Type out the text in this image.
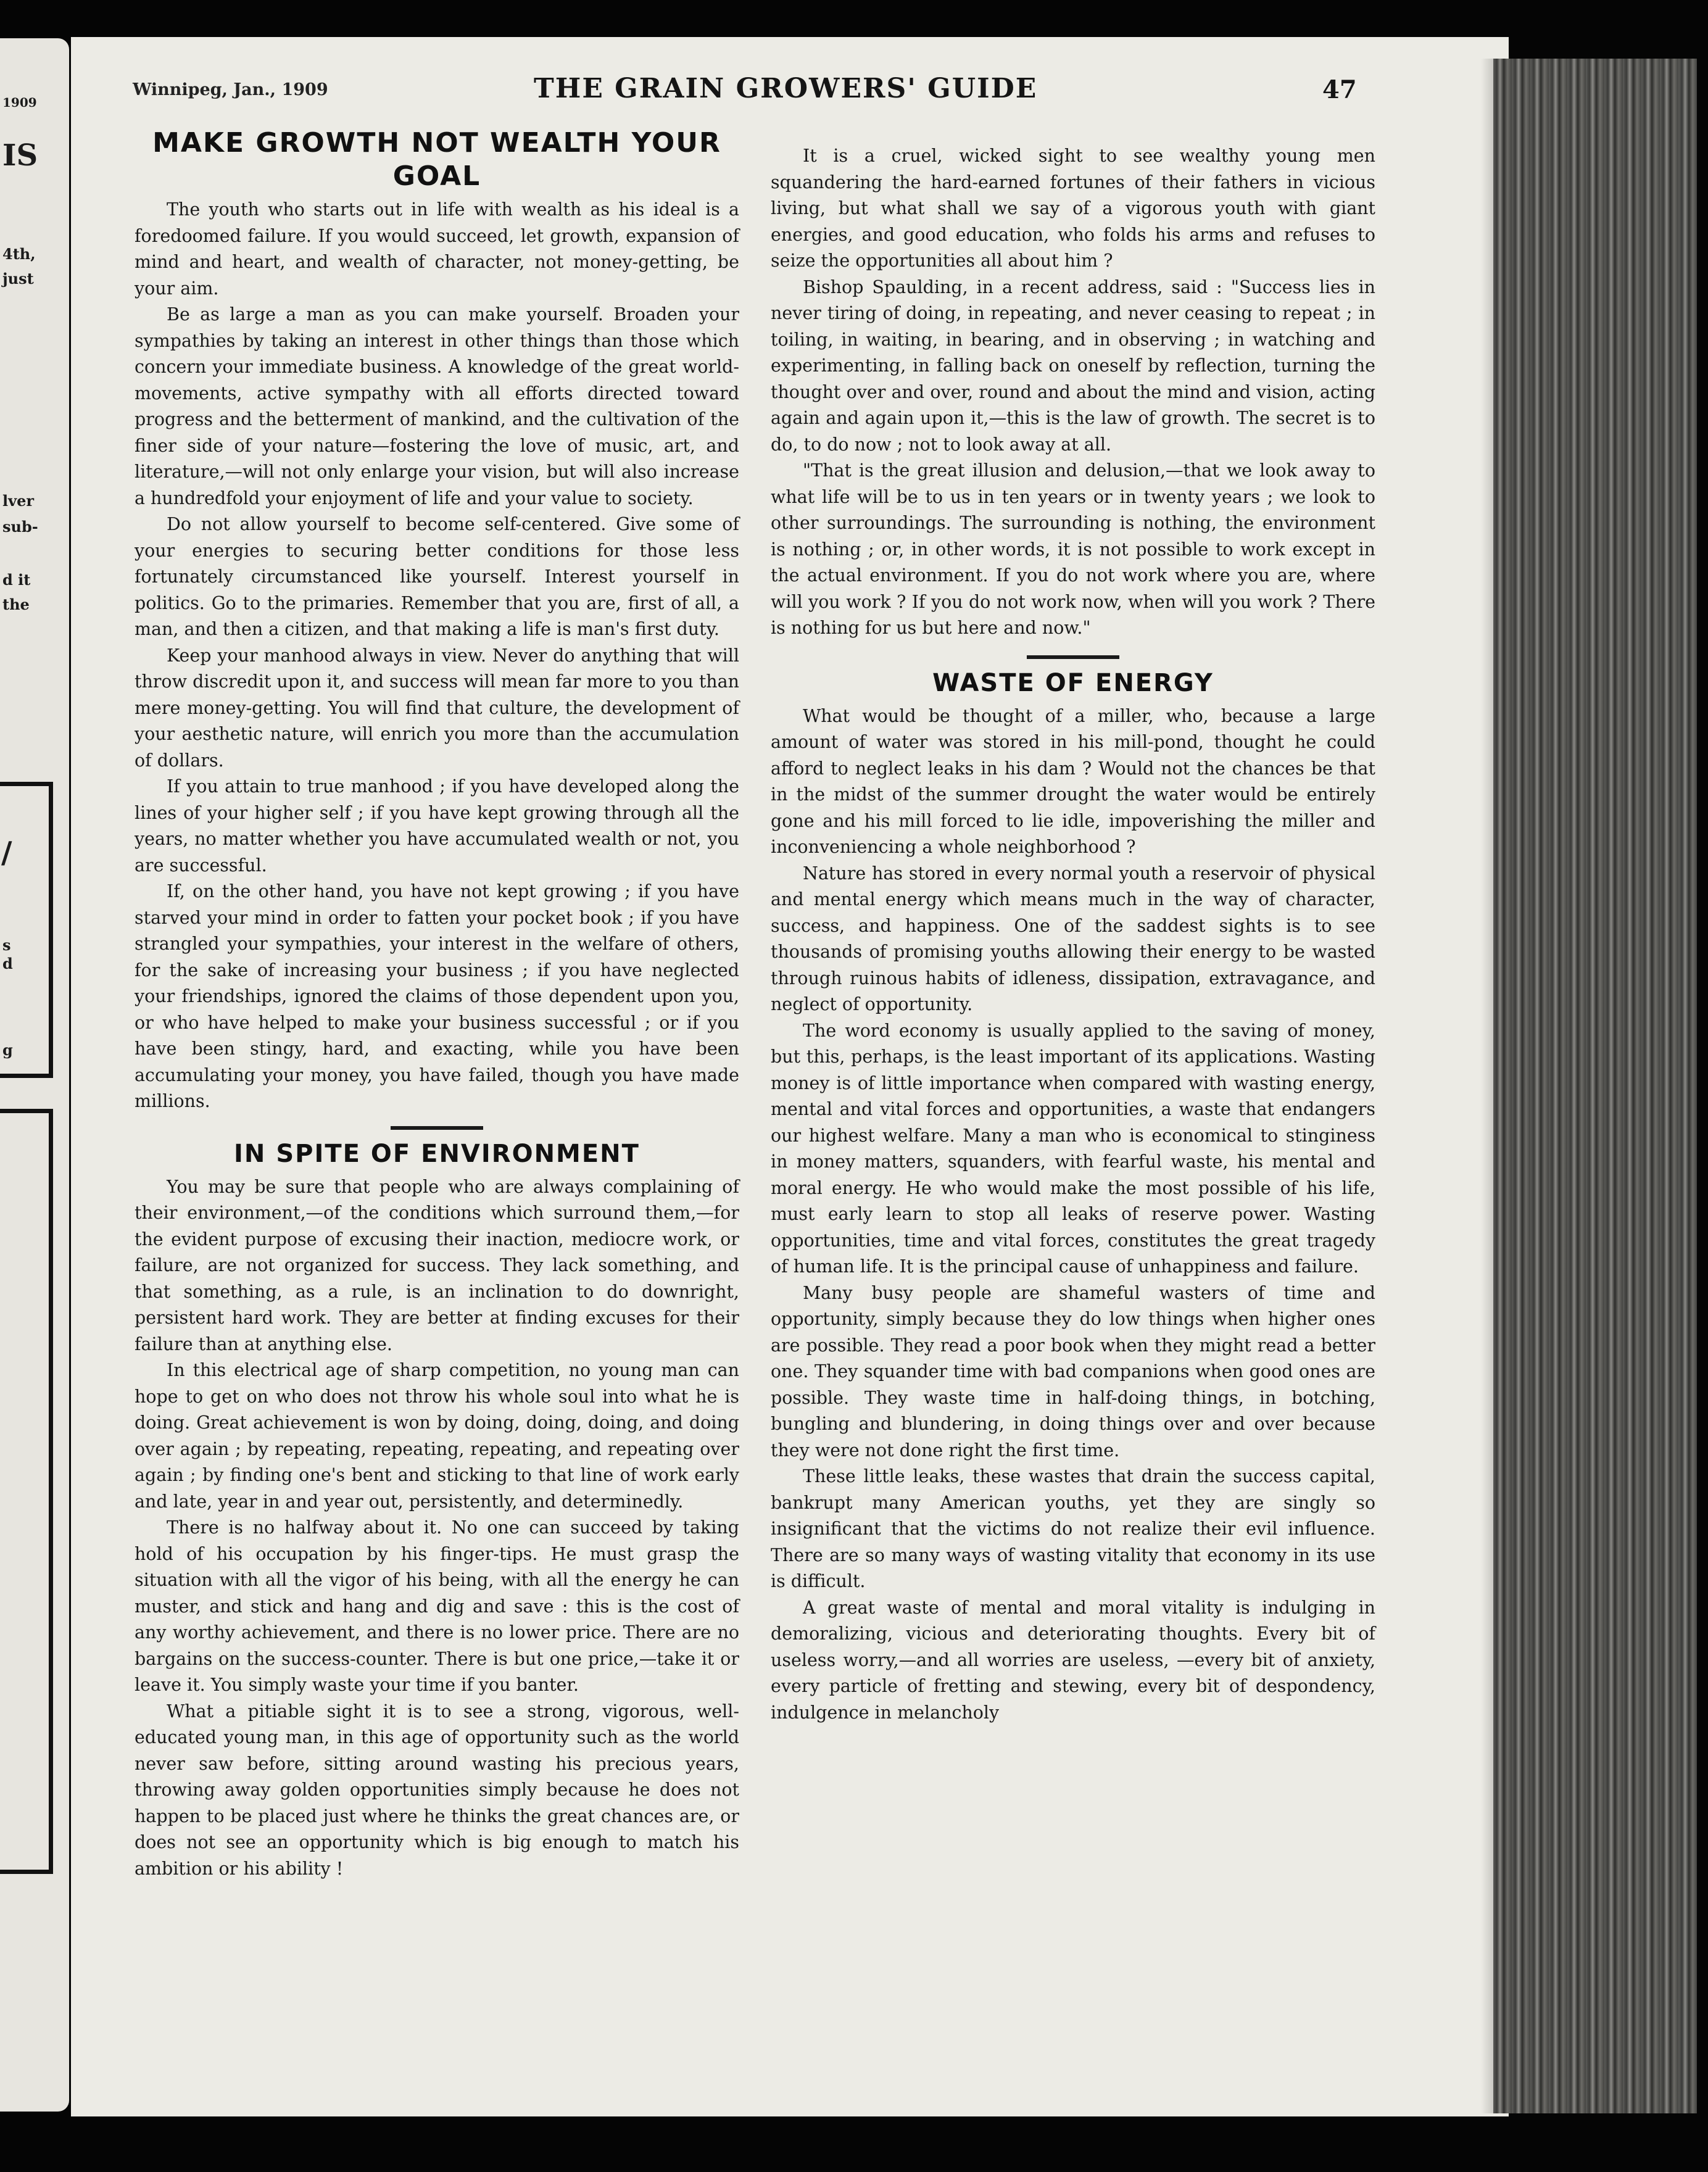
1909
IS
4th,
just
lver
sub-
d it
the
/
s
d
g
Winnipeg, Jan., 1909	THE GRAIN GROWERS' GUIDE	47
MAKE GROWTH NOT WEALTH YOUR GOAL

The youth who starts out in life with wealth as his ideal is a foredoomed failure. If you would succeed, let growth, expansion of mind and heart, and wealth of character, not money-getting, be your aim.

Be as large a man as you can make yourself. Broaden your sympathies by taking an interest in other things than those which concern your immediate business. A knowledge of the great world-movements, active sympathy with all efforts directed toward progress and the betterment of mankind, and the cultivation of the finer side of your nature—fostering the love of music, art, and literature,—will not only enlarge your vision, but will also increase a hundredfold your enjoyment of life and your value to society.

Do not allow yourself to become self-centered. Give some of your energies to securing better conditions for those less fortunately circumstanced like yourself. Interest yourself in politics. Go to the primaries. Remember that you are, first of all, a man, and then a citizen, and that making a life is man's first duty.

Keep your manhood always in view. Never do anything that will throw discredit upon it, and success will mean far more to you than mere money-getting. You will find that culture, the development of your aesthetic nature, will enrich you more than the accumulation of dollars.

If you attain to true manhood ; if you have developed along the lines of your higher self ; if you have kept growing through all the years, no matter whether you have accumulated wealth or not, you are successful.

If, on the other hand, you have not kept growing ; if you have starved your mind in order to fatten your pocket book ; if you have strangled your sympathies, your interest in the welfare of others, for the sake of increasing your business ; if you have neglected your friendships, ignored the claims of those dependent upon you, or who have helped to make your business successful ; or if you have been stingy, hard, and exacting, while you have been accumulating your money, you have failed, though you have made millions.

IN SPITE OF ENVIRONMENT

You may be sure that people who are always complaining of their environment,—of the conditions which surround them,—for the evident purpose of excusing their inaction, mediocre work, or failure, are not organized for success. They lack something, and that something, as a rule, is an inclination to do downright, persistent hard work. They are better at finding excuses for their failure than at anything else.

In this electrical age of sharp competition, no young man can hope to get on who does not throw his whole soul into what he is doing. Great achievement is won by doing, doing, doing, and doing over again ; by repeating, repeating, repeating, and repeating over again ; by finding one's bent and sticking to that line of work early and late, year in and year out, persistently, and determinedly.

There is no halfway about it. No one can succeed by taking hold of his occupation by his finger-tips. He must grasp the situation with all the vigor of his being, with all the energy he can muster, and stick and hang and dig and save : this is the cost of any worthy achievement, and there is no lower price. There are no bargains on the success-counter. There is but one price,—take it or leave it. You simply waste your time if you banter.

What a pitiable sight it is to see a strong, vigorous, well-educated young man, in this age of opportunity such as the world never saw before, sitting around wasting his precious years, throwing away golden opportunities simply because he does not happen to be placed just where he thinks the great chances are, or does not see an opportunity which is big enough to match his ambition or his ability !

It is a cruel, wicked sight to see wealthy young men squandering the hard-earned fortunes of their fathers in vicious living, but what shall we say of a vigorous youth with giant energies, and good education, who folds his arms and refuses to seize the opportunities all about him ?

Bishop Spaulding, in a recent address, said : "Success lies in never tiring of doing, in repeating, and never ceasing to repeat ; in toiling, in waiting, in bearing, and in observing ; in watching and experimenting, in falling back on oneself by reflection, turning the thought over and over, round and about the mind and vision, acting again and again upon it,—this is the law of growth. The secret is to do, to do now ; not to look away at all.

"That is the great illusion and delusion,—that we look away to what life will be to us in ten years or in twenty years ; we look to other surroundings. The surrounding is nothing, the environment is nothing ; or, in other words, it is not possible to work except in the actual environment. If you do not work where you are, where will you work ? If you do not work now, when will you work ? There is nothing for us but here and now."

WASTE OF ENERGY

What would be thought of a miller, who, because a large amount of water was stored in his mill-pond, thought he could afford to neglect leaks in his dam ? Would not the chances be that in the midst of the summer drought the water would be entirely gone and his mill forced to lie idle, impoverishing the miller and inconveniencing a whole neighborhood ?

Nature has stored in every normal youth a reservoir of physical and mental energy which means much in the way of character, success, and happiness. One of the saddest sights is to see thousands of promising youths allowing their energy to be wasted through ruinous habits of idleness, dissipation, extravagance, and neglect of opportunity.

The word economy is usually applied to the saving of money, but this, perhaps, is the least important of its applications. Wasting money is of little importance when compared with wasting energy, mental and vital forces and opportunities, a waste that endangers our highest welfare. Many a man who is economical to stinginess in money matters, squanders, with fearful waste, his mental and moral energy. He who would make the most possible of his life, must early learn to stop all leaks of reserve power. Wasting opportunities, time and vital forces, constitutes the great tragedy of human life. It is the principal cause of unhappiness and failure.

Many busy people are shameful wasters of time and opportunity, simply because they do low things when higher ones are possible. They read a poor book when they might read a better one. They squander time with bad companions when good ones are possible. They waste time in half-doing things, in botching, bungling and blundering, in doing things over and over because they were not done right the first time.

These little leaks, these wastes that drain the success capital, bankrupt many American youths, yet they are singly so insignificant that the victims do not realize their evil influence. There are so many ways of wasting vitality that economy in its use is difficult.

A great waste of mental and moral vitality is indulging in demoralizing, vicious and deteriorating thoughts. Every bit of useless worry,—and all worries are useless, —every bit of anxiety, every particle of fretting and stewing, every bit of despondency, indulgence in melancholy
